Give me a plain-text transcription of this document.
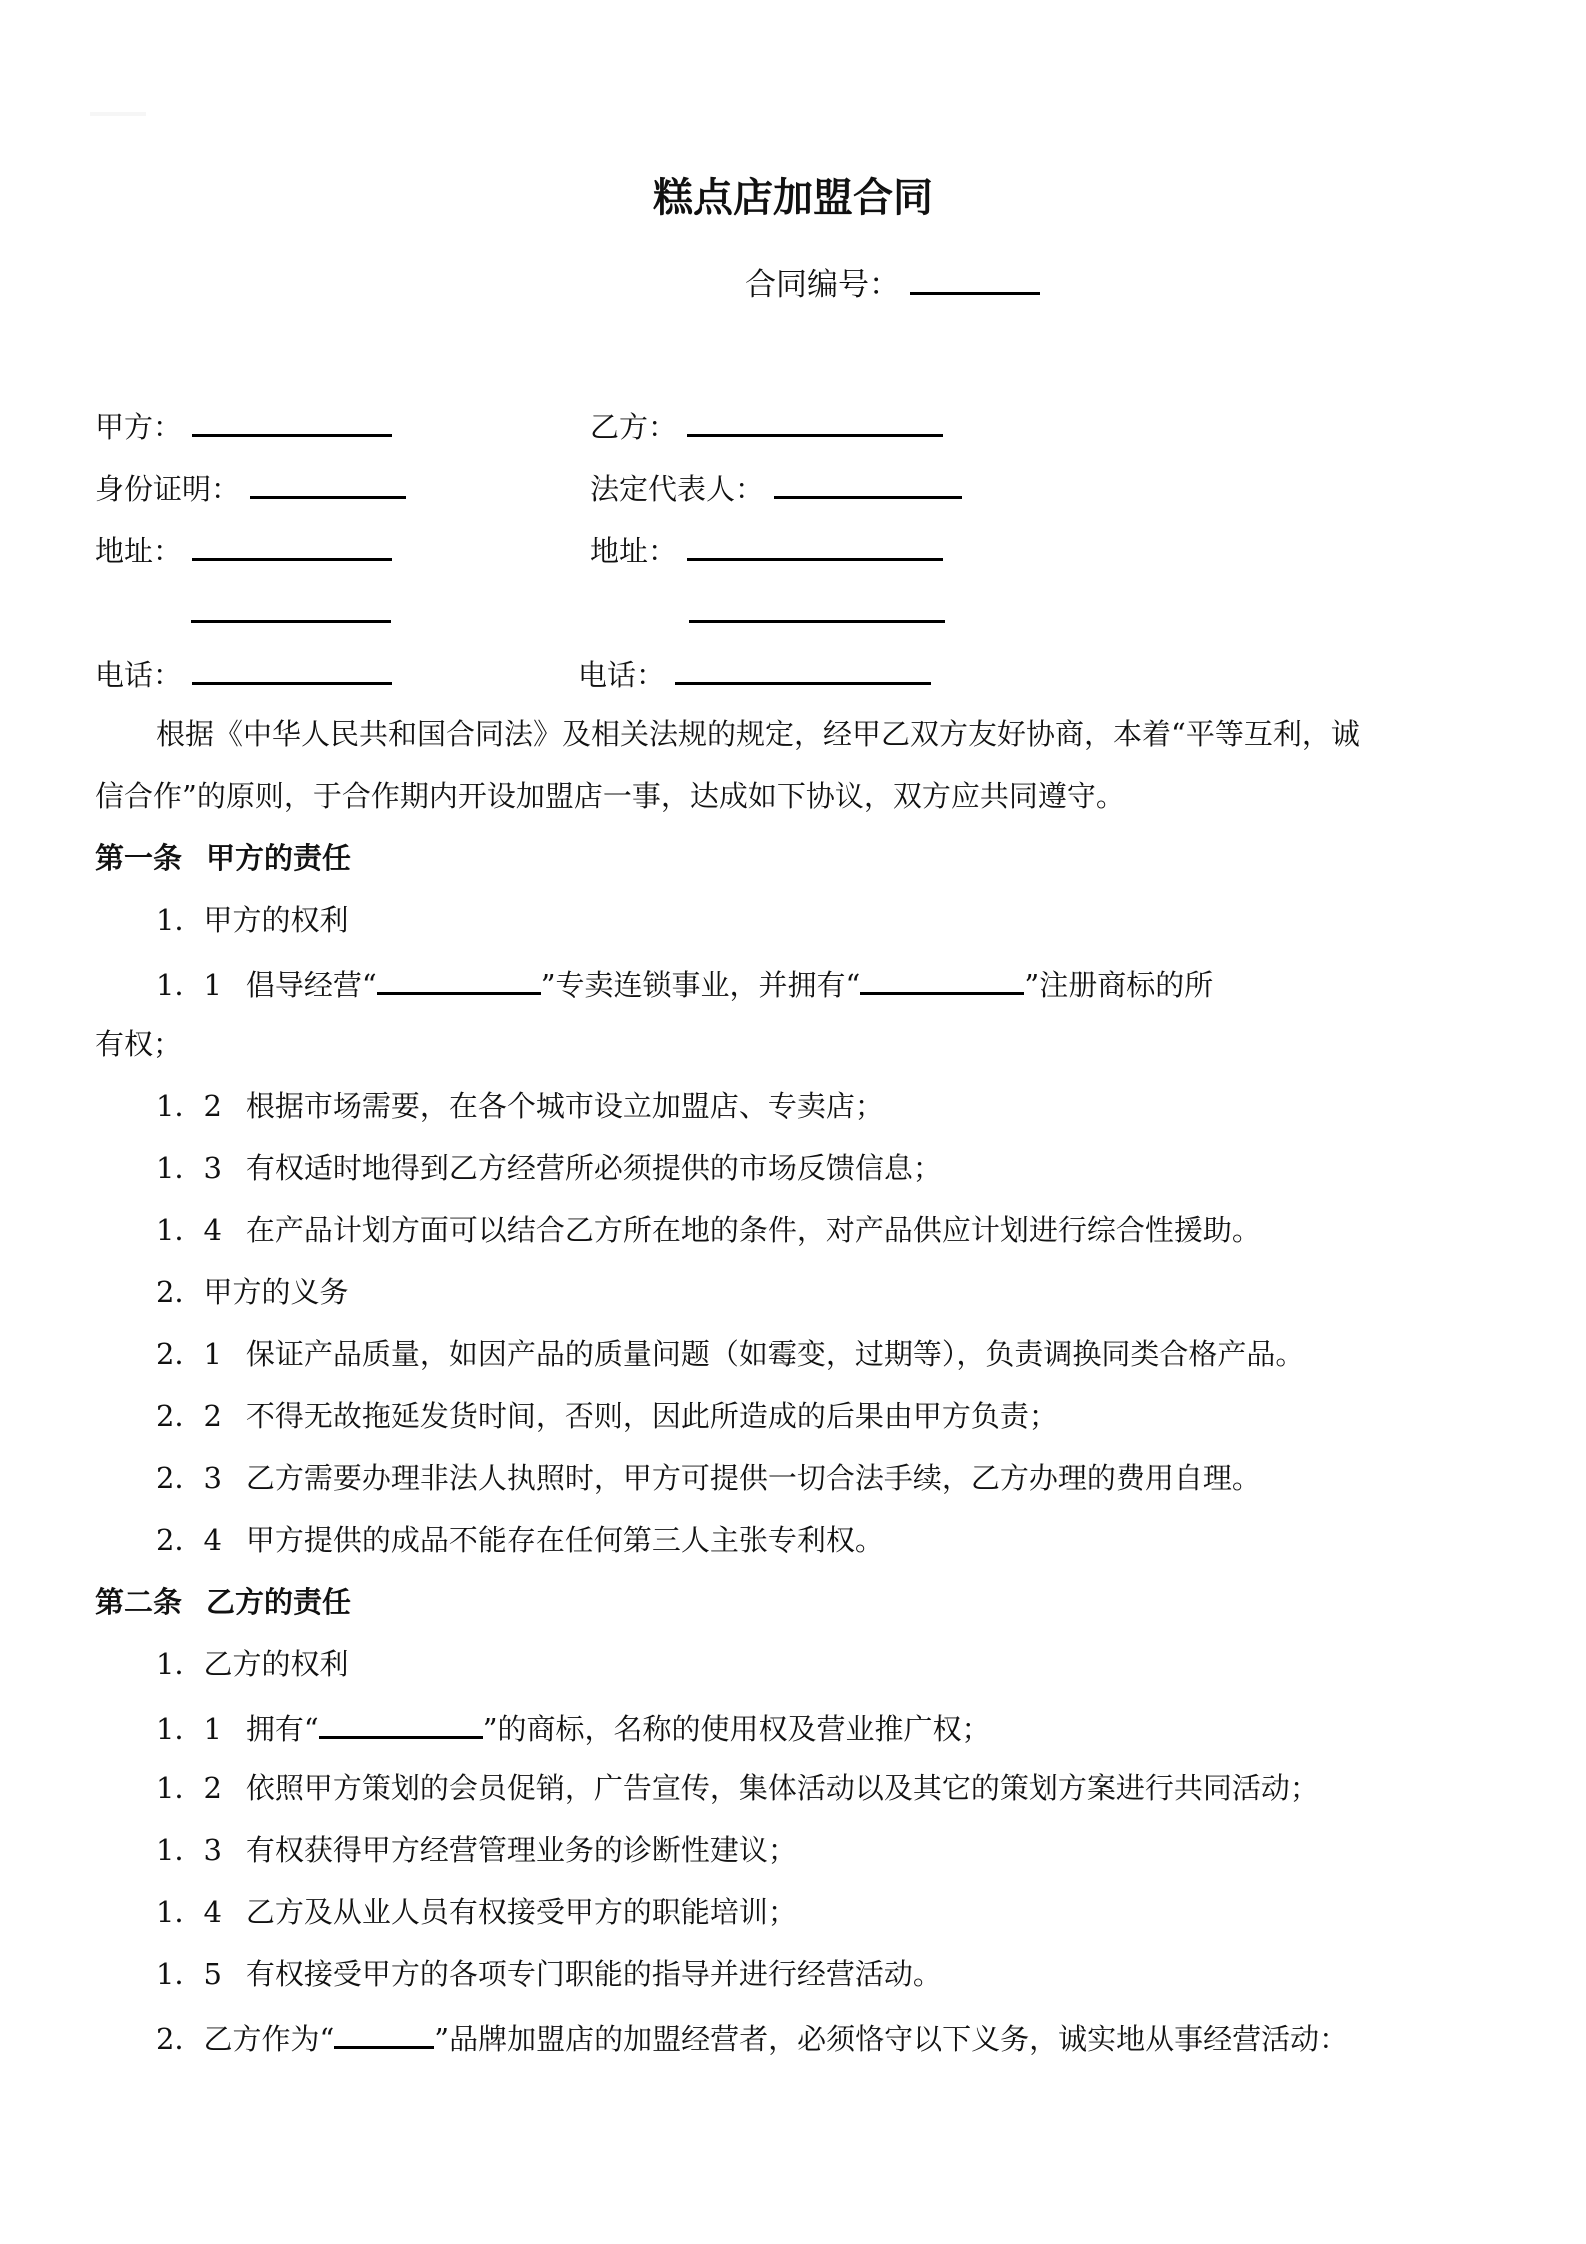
糕点店加盟合同
合同编号：
甲方：	乙方：
身份证明：	法定代表人：
地址：	地址：
电话：	电话：
根据《中华人民共和国合同法》及相关法规的规定，经甲乙双方友好协商，本着“平等互利，诚
信合作”的原则，于合作期内开设加盟店一事，达成如下协议，双方应共同遵守。
第一条 甲方的责任
1．甲方的权利
1．1 倡导经营“	”专卖连锁事业，并拥有“	”注册商标的所
有权；
1．2 根据市场需要，在各个城市设立加盟店、专卖店；
1．3 有权适时地得到乙方经营所必须提供的市场反馈信息；
1．4 在产品计划方面可以结合乙方所在地的条件，对产品供应计划进行综合性援助。
2．甲方的义务
2．1 保证产品质量，如因产品的质量问题（如霉变，过期等），负责调换同类合格产品。
2．2 不得无故拖延发货时间，否则，因此所造成的后果由甲方负责；
2．3 乙方需要办理非法人执照时，甲方可提供一切合法手续，乙方办理的费用自理。
2．4 甲方提供的成品不能存在任何第三人主张专利权。
第二条 乙方的责任
1．乙方的权利
1．1 拥有“	”的商标，名称的使用权及营业推广权；
1．2 依照甲方策划的会员促销，广告宣传，集体活动以及其它的策划方案进行共同活动；
1．3 有权获得甲方经营管理业务的诊断性建议；
1．4 乙方及从业人员有权接受甲方的职能培训；
1．5 有权接受甲方的各项专门职能的指导并进行经营活动。
2．乙方作为“	”品牌加盟店的加盟经营者，必须恪守以下义务，诚实地从事经营活动：
